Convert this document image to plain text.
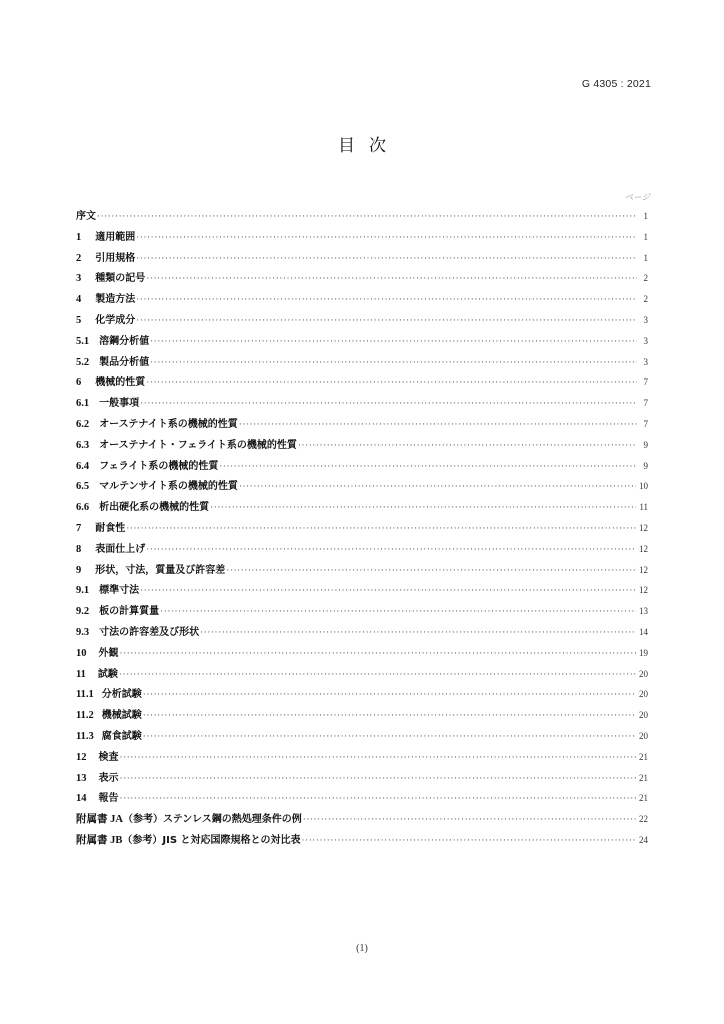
G 4305 : 2021
目次
ページ
序文 ·····	1
1 適用範囲 ·····	1
2 引用規格 ·····	1
3 種類の記号 ·····	2
4 製造方法 ·····	2
5 化学成分 ·····	3
5.1 溶鋼分析値 ·····	3
5.2 製品分析値 ·····	3
6 機械的性質 ·····	7
6.1 一般事項 ·····	7
6.2 オーステナイト系の機械的性質 ·····	7
6.3 オーステナイト・フェライト系の機械的性質 ·····	9
6.4 フェライト系の機械的性質 ·····	9
6.5 マルテンサイト系の機械的性質 ·····	10
6.6 析出硬化系の機械的性質 ·····	11
7 耐食性 ·····	12
8 表面仕上げ ·····	12
9 形状，寸法，質量及び許容差 ·····	12
9.1 標準寸法 ·····	12
9.2 板の計算質量 ·····	13
9.3 寸法の許容差及び形状 ·····	14
10 外観 ·····	19
11 試験 ·····	20
11.1 分析試験 ·····	20
11.2 機械試験 ·····	20
11.3 腐食試験 ·····	20
12 検査 ·····	21
13 表示 ·····	21
14 報告 ·····	21
附属書 JA （参考）ステンレス鋼の熱処理条件の例 ·····	22
附属書 JB （参考）JIS と対応国際規格との対比表 ·····	24
(1)
